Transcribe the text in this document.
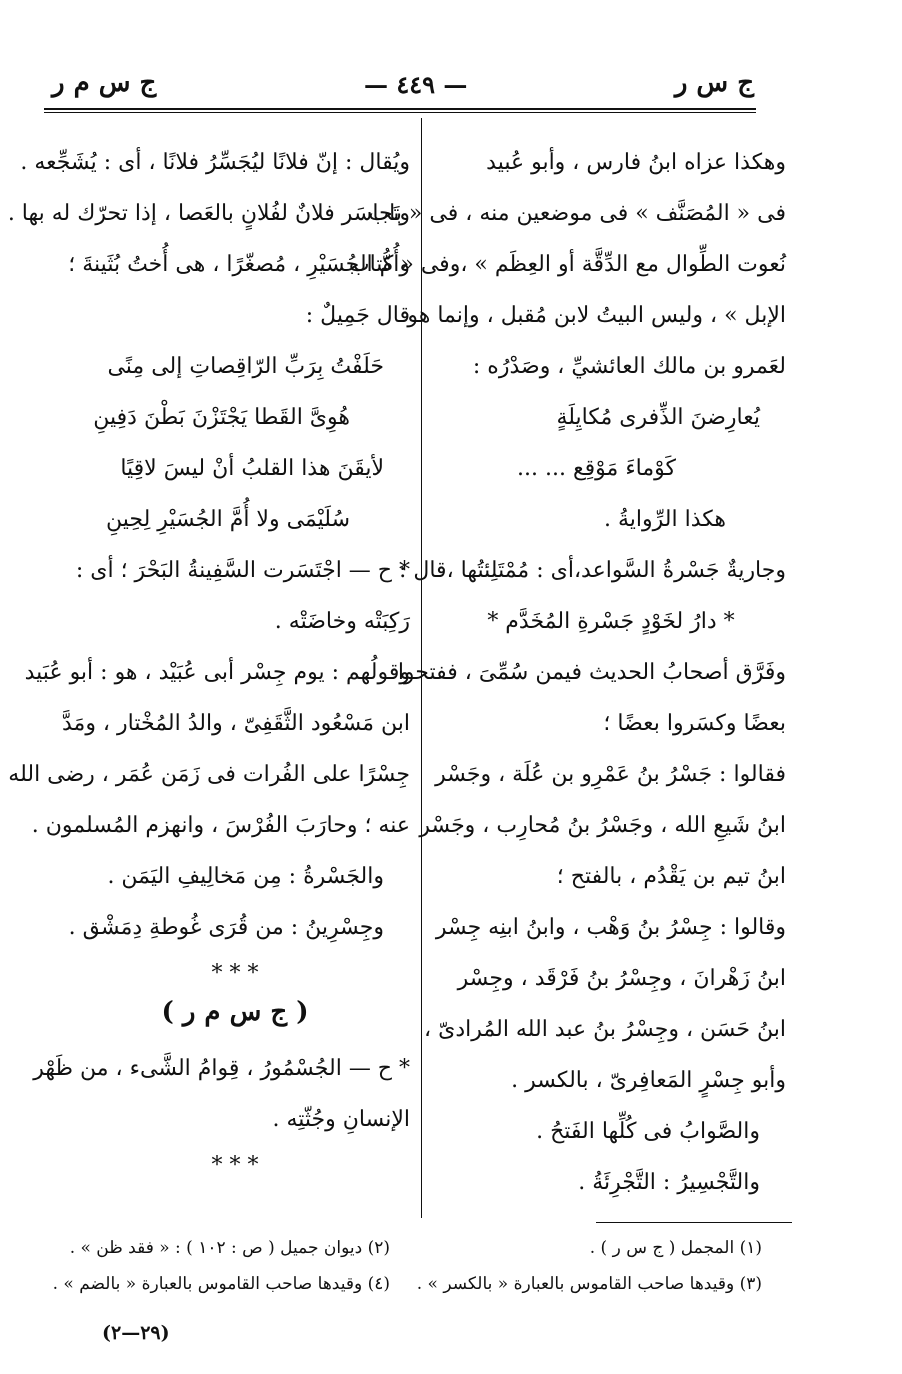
ج س م ر	— ٤٤٩ —	ج س ر
وهكذا عزاه ابنُ فارس ، وأبو عُبيد
فى « المُصَنَّف » فى موضعين منه ، فى « باب
نُعوت الطِّوال مع الدِّقَّة أو العِظَم » ،وفى « كتاب
الإبل » ، وليس البيتُ لابن مُقبل ، وإنما هو
لعَمرو بن مالك العائشيِّ ، وصَدْرُه :
يُعارِضنَ الذِّفرى مُكايِلَةٍ
كَوْماءَ مَوْقِع ... ...
هكذا الرِّوايةُ .
وجاريةٌ جَسْرةُ السَّواعد،أى : مُمْتَلِئتُها ،قال :
* دارُ لخَوْدٍ جَسْرةِ المُخَدَّم *
وفَرَّق أصحابُ الحديث فيمن سُمِّىَ ، ففتحوا
بعضًا وكسَروا بعضًا ؛
فقالوا : جَسْرُ بنُ عَمْرِو بن عُلَة ، وجَسْر
ابنُ شَيعِ الله ، وجَسْرُ بنُ مُحارِب ، وجَسْر
ابنُ تيم بن يَقْدُم ، بالفتح ؛
وقالوا : جِسْرُ بنُ وَهْب ، وابنُ ابنِه جِسْر
ابنُ زَهْرانَ ، وجِسْرُ بنُ فَرْقَد ، وجِسْر
ابنُ حَسَن ، وجِسْرُ بنُ عبد الله المُرادىّ ،
وأبو جِسْرٍ المَعافِرىّ ، بالكسر .
والصَّوابُ فى كُلِّها الفَتحُ .
والتَّجْسِيرُ : التَّجْرِئَةُ .
ويُقال : إنّ فلانًا ليُجَسِّرُ فلانًا ، أى : يُشَجِّعه .
وتَجاسَر فلانٌ لفُلانٍ بالعَصا ، إذا تحرّك له بها .
وأُمُّ الجُسَيْرِ ، مُصغّرًا ، هى أُختُ بُثَينةَ ؛
قال جَمِيلٌ :
حَلَفْتُ بِرَبِّ الرّاقِصاتِ إلى مِنًى
هُوِىَّ القَطا يَجْتَزْنَ بَطْنَ دَفِينِ
لأيقَنَ هذا القلبُ أنْ ليسَ لاقِيًا
سُلَيْمَى ولا أُمَّ الجُسَيْرِ لِحِينِ
* ح — اجْتَسَرت السَّفِينةُ البَحْرَ ؛ أى :
رَكِبَتْه وخاضَتْه .
وقولُهم : يوم جِسْر أبى عُبَيْد ، هو : أبو عُبَيد
ابن مَسْعُود الثَّقَفِىّ ، والدُ المُخْتار ، ومَدَّ
جِسْرًا على الفُرات فى زَمَن عُمَر ، رضى الله
عنه ؛ وحارَبَ الفُرْسَ ، وانهزم المُسلمون .
والجَسْرةُ : مِن مَخالِيفِ اليَمَن .
وجِسْرِينُ : من قُرَى غُوطةِ دِمَشْق .
* * *
( ج س م ر )
* ح — الجُسْمُورُ ، قِوامُ الشَّىء ، من ظَهْر
الإنسانِ وجُثّتِه .
* * *
(١) المجمل ( ج س ر ) .
(٣) وقيدها صاحب القاموس بالعبارة « بالكسر » .
(٢) ديوان جميل ( ص : ١٠٢ ) : « فقد ظن » .
(٤) وقيدها صاحب القاموس بالعبارة « بالضم » .
(٢٩—٢)
